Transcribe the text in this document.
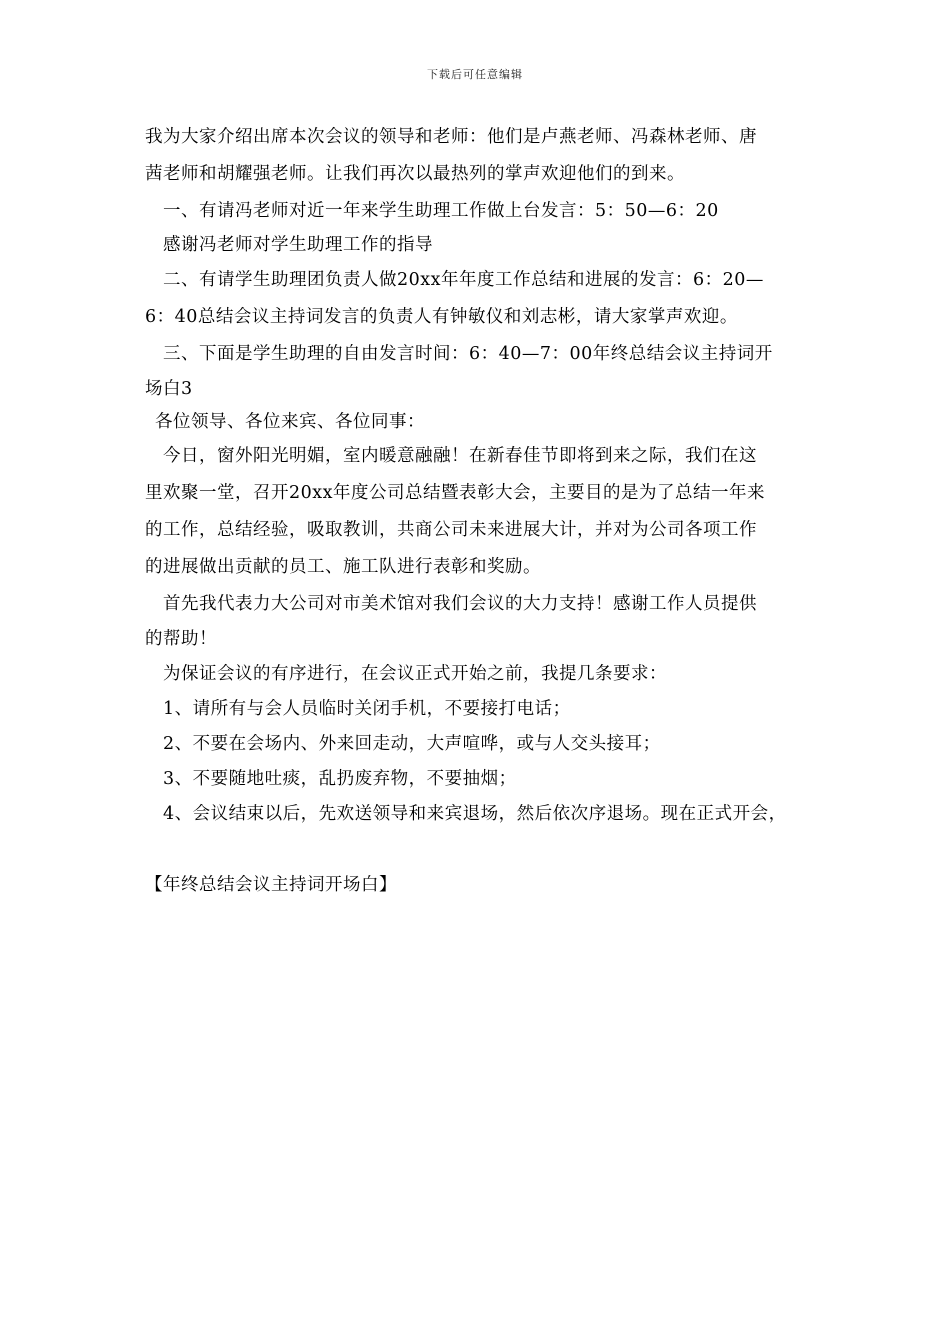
下载后可任意编辑
我为大家介绍出席本次会议的领导和老师：他们是卢燕老师、冯森林老师、唐
茜老师和胡耀强老师。让我们再次以最热列的掌声欢迎他们的到来。
一、有请冯老师对近一年来学生助理工作做上台发言：5：50—6：20
感谢冯老师对学生助理工作的指导
二、有请学生助理团负责人做20xx年年度工作总结和进展的发言：6：20—
6：40总结会议主持词发言的负责人有钟敏仪和刘志彬，请大家掌声欢迎。
三、下面是学生助理的自由发言时间：6：40—7：00年终总结会议主持词开
场白3
各位领导、各位来宾、各位同事：
今日，窗外阳光明媚，室内暖意融融！在新春佳节即将到来之际，我们在这
里欢聚一堂，召开20xx年度公司总结暨表彰大会，主要目的是为了总结一年来
的工作，总结经验，吸取教训，共商公司未来进展大计，并对为公司各项工作
的进展做出贡献的员工、施工队进行表彰和奖励。
首先我代表力大公司对市美术馆对我们会议的大力支持！感谢工作人员提供
的帮助！
为保证会议的有序进行，在会议正式开始之前，我提几条要求：
1、请所有与会人员临时关闭手机，不要接打电话；
2、不要在会场内、外来回走动，大声喧哗，或与人交头接耳；
3、不要随地吐痰，乱扔废弃物，不要抽烟；
4、会议结束以后，先欢送领导和来宾退场，然后依次序退场。现在正式开会，
【年终总结会议主持词开场白】
